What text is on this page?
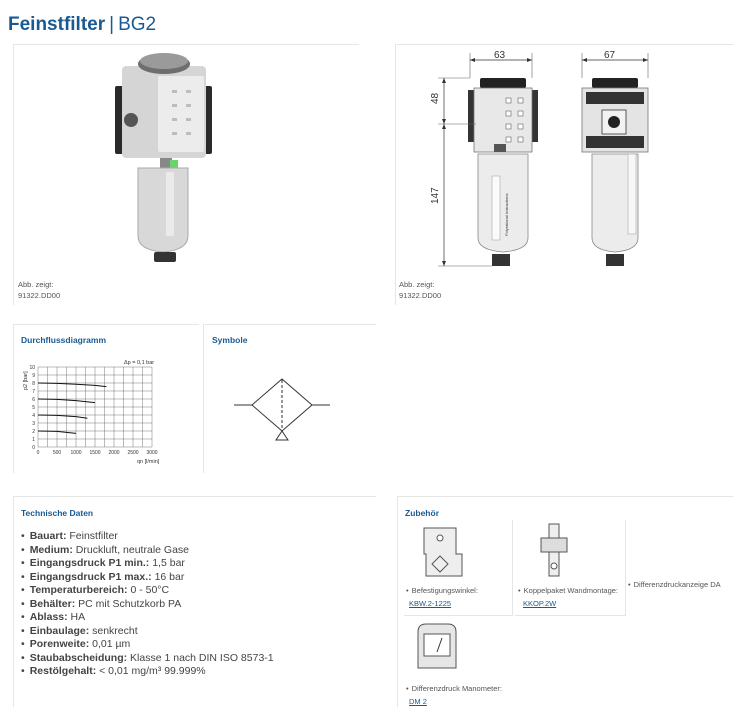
Feinstfilter | BG2
Abb. zeigt:
91322.DD00
Polyrational Instructions
63	67
48
147
Abb. zeigt:
91322.DD00
Durchflussdiagramm
Δp = 0,1 bar
p2 [bar]
qn [l/min]
0	500 1000 1500 2000 2500 3000
0
1
2
3
4
5
6
7
8
9
10
Symbole
Technische Daten
• Bauart: Feinstfilter
• Medium: Druckluft, neutrale Gase
• Eingangsdruck P1 min.: 1,5 bar
• Eingangsdruck P1 max.: 16 bar
• Temperaturbereich: 0 - 50°C
• Behälter: PC mit Schutzkorb PA
• Ablass: HA
• Einbaulage: senkrecht
• Porenweite: 0,01 µm
• Staubabscheidung: Klasse 1 nach DIN ISO 8573-1
• Restölgehalt: < 0,01 mg/m³ 99.999%
Zubehör
• Befestigungswinkel:
KBW.2-1225
• Koppelpaket Wandmontage:
KKOP.2W
• Differenzdruckanzeige DA
• Differenzdruck Manometer:
DM 2
